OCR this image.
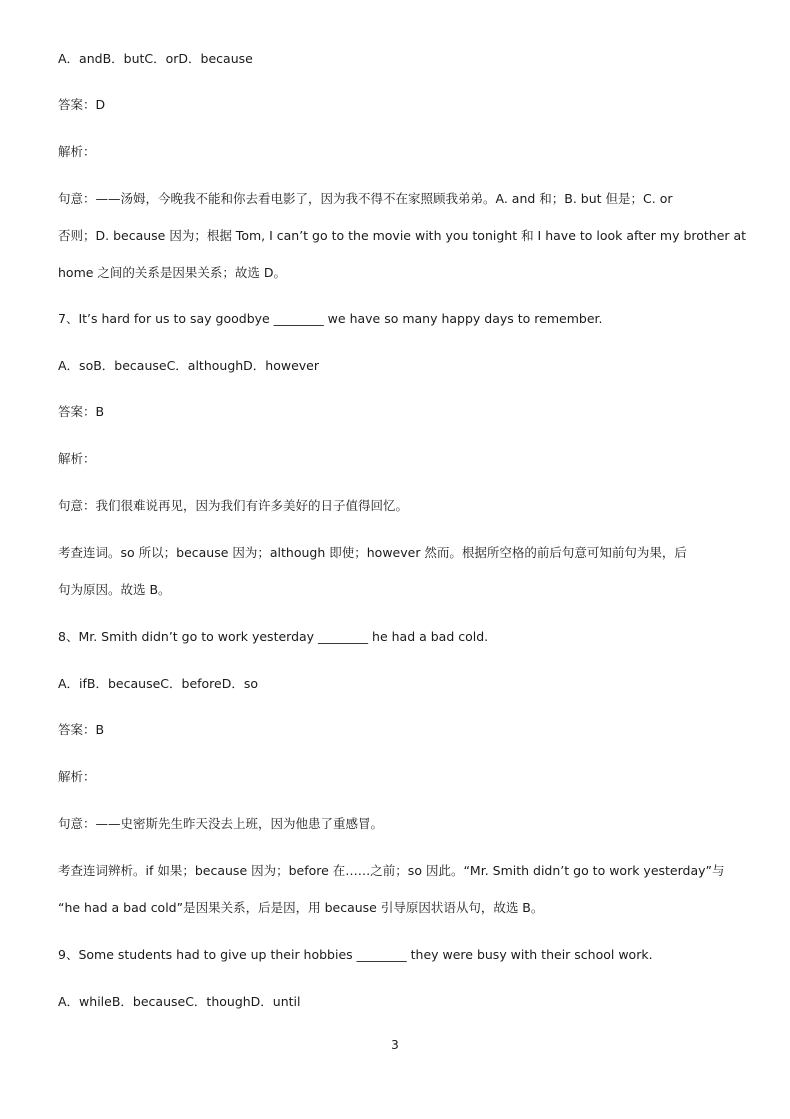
A．andB．butC．orD．because
答案：D
解析：
句意：——汤姆，今晚我不能和你去看电影了，因为我不得不在家照顾我弟弟。A. and 和；B. but 但是；C. or
否则；D. because 因为；根据 Tom, I can’t go to the movie with you tonight 和 I have to look after my brother at
home 之间的关系是因果关系；故选 D。
7、It’s hard for us to say goodbye ________ we have so many happy days to remember.
A．soB．becauseC．althoughD．however
答案：B
解析：
句意：我们很难说再见，因为我们有许多美好的日子值得回忆。
考查连词。so 所以；because 因为；although 即使；however 然而。根据所空格的前后句意可知前句为果，后
句为原因。故选 B。
8、Mr. Smith didn’t go to work yesterday ________ he had a bad cold.
A．ifB．becauseC．beforeD．so
答案：B
解析：
句意：——史密斯先生昨天没去上班，因为他患了重感冒。
考查连词辨析。if 如果；because 因为；before 在……之前；so 因此。“Mr. Smith didn’t go to work yesterday”与
“he had a bad cold”是因果关系，后是因，用 because 引导原因状语从句，故选 B。
9、Some students had to give up their hobbies ________ they were busy with their school work.
A．whileB．becauseC．thoughD．until
3
